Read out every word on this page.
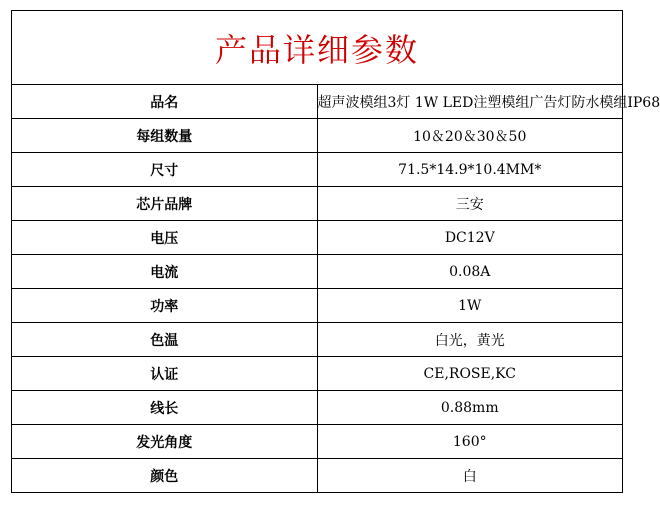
产品详细参数	
品名	超声波模组3灯 1W LED注塑模组广告灯防水模组IP68
每组数量	10＆20＆30＆50
尺寸	71.5*14.9*10.4MM*
芯片品牌	三安
电压	DC12V
电流	0.08A
功率	1W
色温	白光，黄光
认证	CE,ROSE,KC
线长	0.88mm
发光角度	160°
颜色	白
